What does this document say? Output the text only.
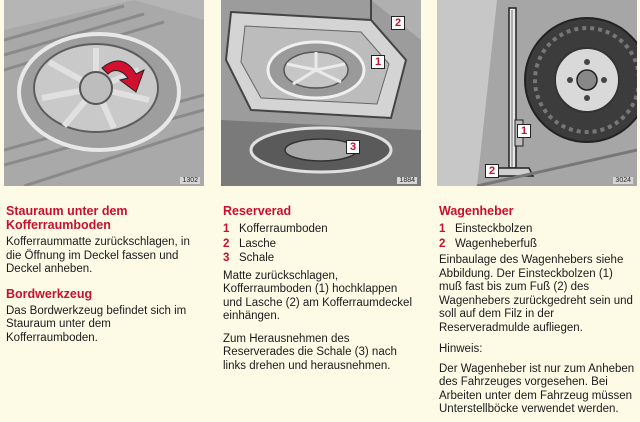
1302
Stauraum unter dem Kofferraumboden

Kofferraummatte zurückschlagen, in die Öffnung im Deckel fassen und Deckel anheben.

Bordwerkzeug

Das Bordwerkzeug befindet sich im Stauraum unter dem Kofferraumboden.

2
1
3
1884
Reserverad
1 Kofferraumboden
2 Lasche
3 Schale

Matte zurückschlagen, Kofferraumboden (1) hochklappen und Lasche (2) am Kofferraumdeckel einhängen.

Zum Herausnehmen des Reserverades die Schale (3) nach links drehen und herausnehmen.

1
2
3024
Wagenheber
1 Einsteckbolzen
2 Wagenheberfuß

Einbaulage des Wagenhebers siehe Abbildung. Der Einsteckbolzen (1) muß fast bis zum Fuß (2) des Wagenhebers zurückgedreht sein und soll auf dem Filz in der Reserveradmulde aufliegen.

Hinweis:

Der Wagenheber ist nur zum Anheben des Fahrzeuges vorgesehen. Bei Arbeiten unter dem Fahrzeug müssen Unterstellböcke verwendet werden.
